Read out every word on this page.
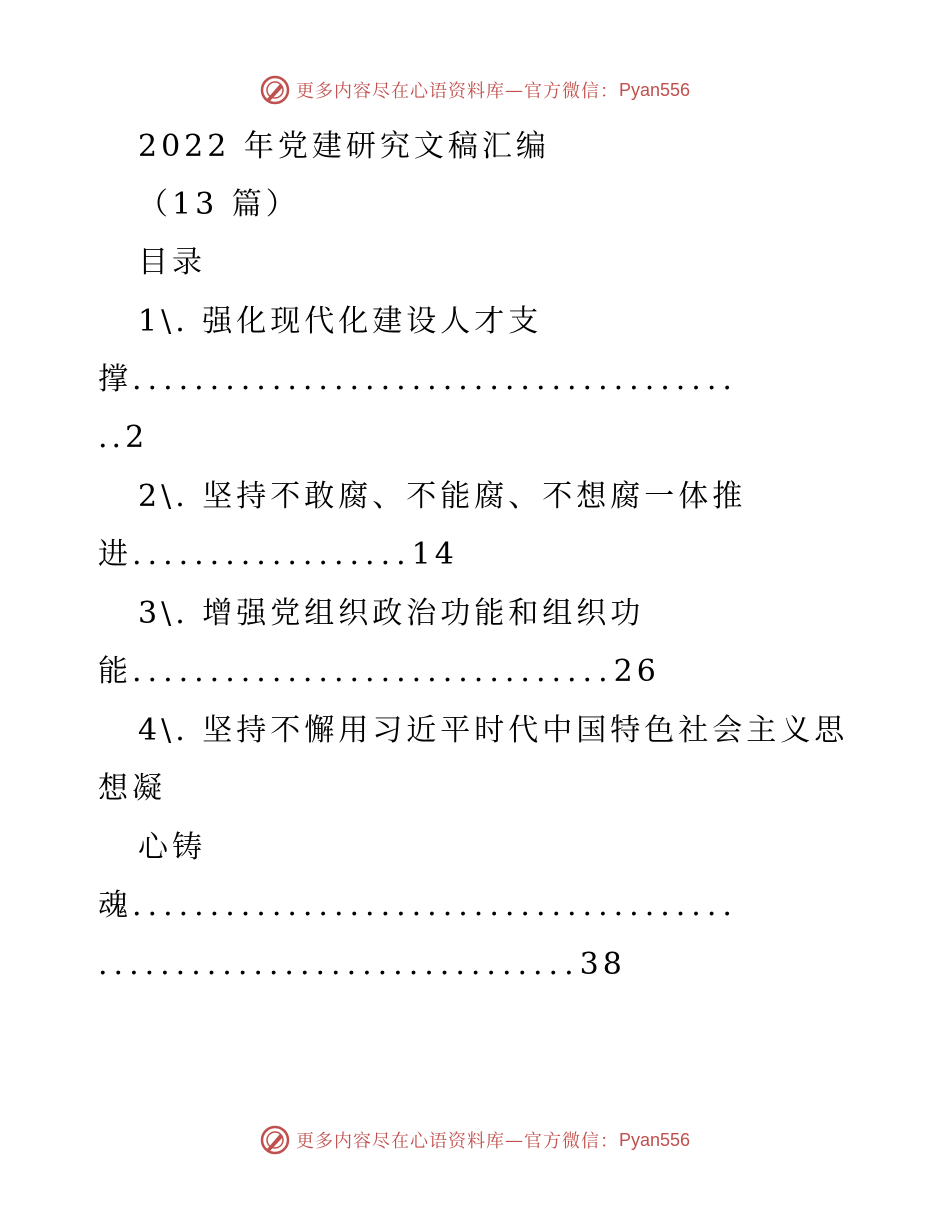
更多内容尽在心语资料库 — 官方微信： Pyan556
2022 年党建研究文稿汇编
（13 篇）
目录
1\. 强化现代化建设人才支
撑.......................................
..2
2\. 坚持不敢腐、不能腐、不想腐一体推
进..................14
3\. 增强党组织政治功能和组织功
能...............................26
4\. 坚持不懈用习近平时代中国特色社会主义思
想凝
心铸
魂.......................................
...............................38
更多内容尽在心语资料库 — 官方微信： Pyan556
